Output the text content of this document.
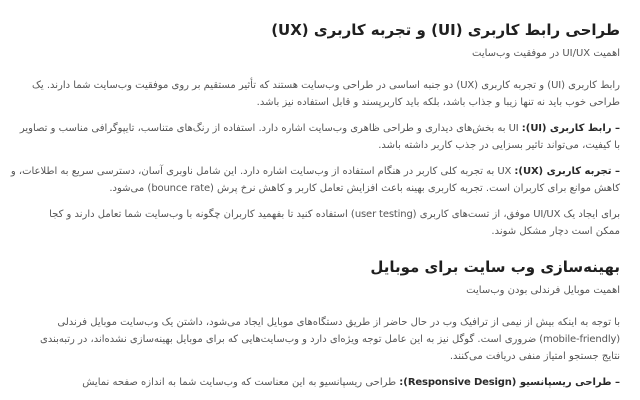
طراحی رابط کاربری (UI) و تجربه کاربری (UX)

اهمیت UI/UX در موفقیت وب‌سایت

رابط کاربری (UI) و تجربه کاربری (UX) دو جنبه اساسی در طراحی وب‌سایت هستند که تأثیر مستقیم بر روی موفقیت وب‌سایت شما دارند. یک
طراحی خوب باید نه تنها زیبا و جذاب باشد، بلکه باید کاربرپسند و قابل استفاده نیز باشد.

– رابط کاربری (UI): UI به بخش‌های دیداری و طراحی ظاهری وب‌سایت اشاره دارد. استفاده از رنگ‌های متناسب، تایپوگرافی مناسب و تصاویر
با کیفیت، می‌تواند تاثیر بسزایی در جذب کاربر داشته باشد.

– تجربه کاربری (UX): UX به تجربه کلی کاربر در هنگام استفاده از وب‌سایت اشاره دارد. این شامل ناوبری آسان، دسترسی سریع به اطلاعات، و
کاهش موانع برای کاربران است. تجربه کاربری بهینه باعث افزایش تعامل کاربر و کاهش نرخ پرش (bounce rate) می‌شود.

برای ایجاد یک UI/UX موفق، از تست‌های کاربری (user testing) استفاده کنید تا بفهمید کاربران چگونه با وب‌سایت شما تعامل دارند و کجا
ممکن است دچار مشکل شوند.

بهینه‌سازی وب سایت برای موبایل

اهمیت موبایل فرندلی بودن وب‌سایت

با توجه به اینکه بیش از نیمی از ترافیک وب در حال حاضر از طریق دستگاه‌های موبایل ایجاد می‌شود، داشتن یک وب‌سایت موبایل فرندلی
(mobile-friendly) ضروری است. گوگل نیز به این عامل توجه ویژه‌ای دارد و وب‌سایت‌هایی که برای موبایل بهینه‌سازی نشده‌اند، در رتبه‌بندی
نتایج جستجو امتیاز منفی دریافت می‌کنند.

– طراحی ریسپانسیو (Responsive Design): طراحی ریسپانسیو به این معناست که وب‌سایت شما به اندازه صفحه نمایش
